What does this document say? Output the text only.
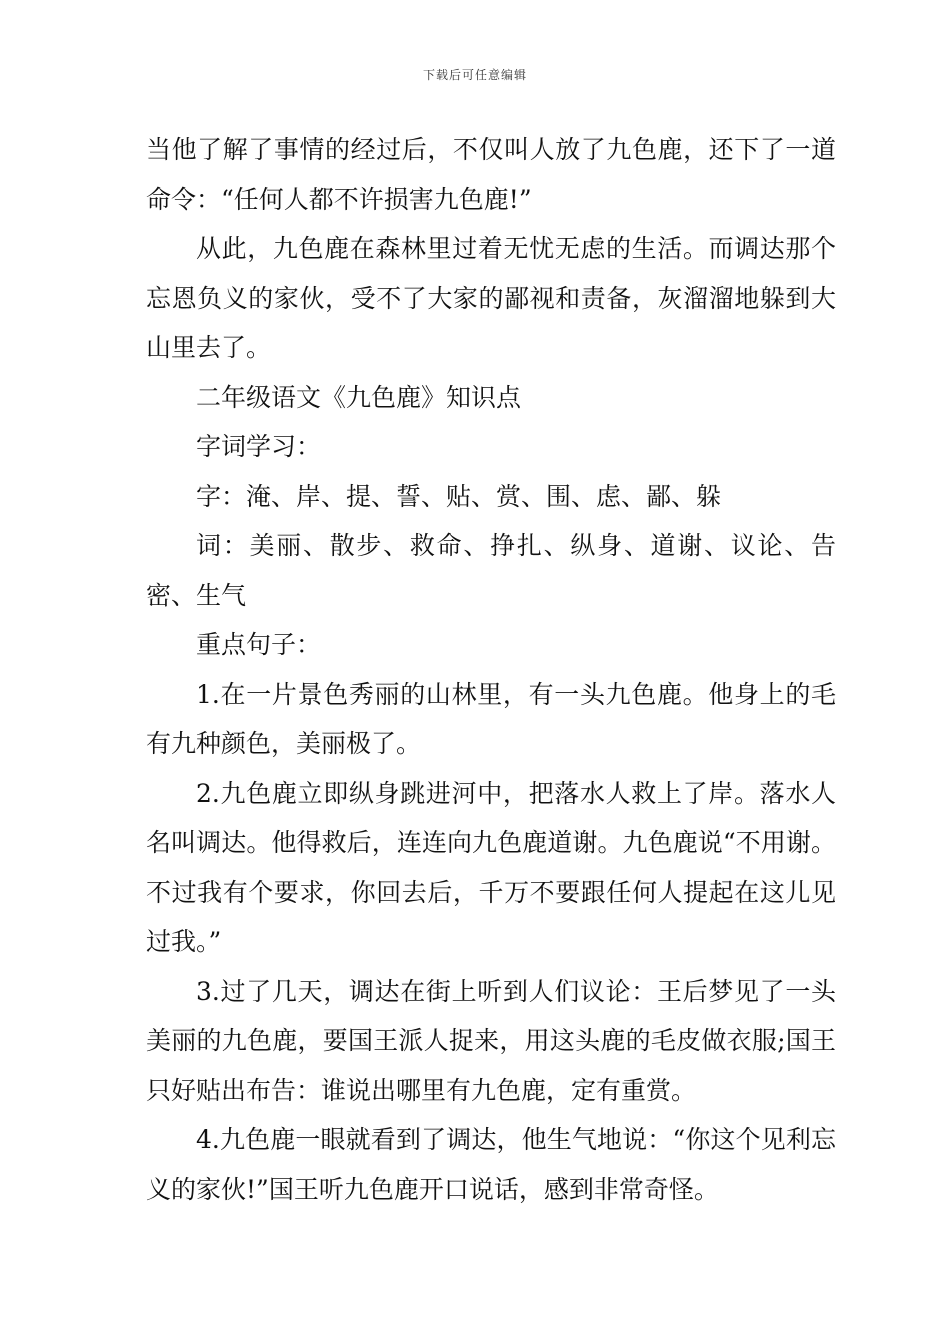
下载后可任意编辑

当他了解了事情的经过后，不仅叫人放了九色鹿，还下了一道命令：“任何人都不许损害九色鹿!”

从此，九色鹿在森林里过着无忧无虑的生活。而调达那个忘恩负义的家伙，受不了大家的鄙视和责备，灰溜溜地躲到大山里去了。

二年级语文《九色鹿》知识点

字词学习：

字：淹、岸、提、誓、贴、赏、围、虑、鄙、躲

词：美丽、散步、救命、挣扎、纵身、道谢、议论、告密、生气

重点句子：

1.在一片景色秀丽的山林里，有一头九色鹿。他身上的毛有九种颜色，美丽极了。

2.九色鹿立即纵身跳进河中，把落水人救上了岸。落水人名叫调达。他得救后，连连向九色鹿道谢。九色鹿说“不用谢。不过我有个要求，你回去后，千万不要跟任何人提起在这儿见过我。”

3.过了几天，调达在街上听到人们议论：王后梦见了一头美丽的九色鹿，要国王派人捉来，用这头鹿的毛皮做衣服;国王只好贴出布告：谁说出哪里有九色鹿，定有重赏。

4.九色鹿一眼就看到了调达，他生气地说：“你这个见利忘义的家伙!”国王听九色鹿开口说话，感到非常奇怪。
